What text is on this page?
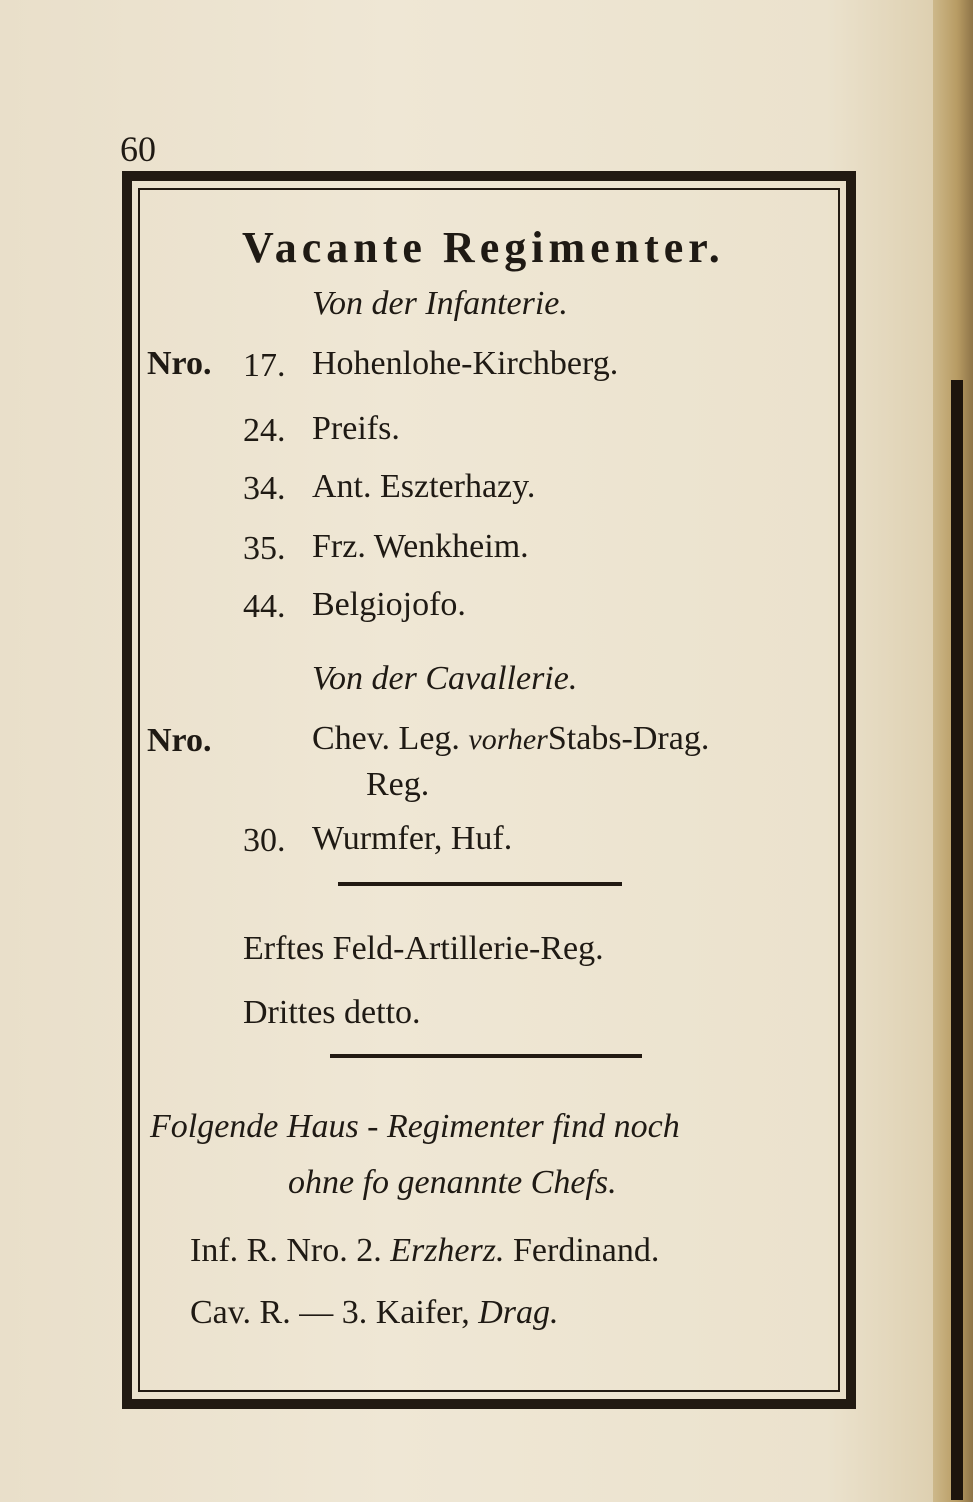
60
Vacante Regimenter.
Von der Infanterie.
Nro. 17. Hohenlohe-Kirchberg.
24. Preifs.
34. Ant. Eszterhazy.
35. Frz. Wenkheim.
44. Belgiojofo.
Von der Cavallerie.
Nro.	Chev. Leg. vorherStabs-Drag.
Reg.
30. Wurmfer, Huf.
Erftes Feld-Artillerie-Reg.
Drittes detto.
Folgende Haus - Regimenter find noch
ohne fo genannte Chefs.
Inf. R. Nro. 2. Erzherz. Ferdinand.
Cav. R. — 3. Kaifer, Drag.
